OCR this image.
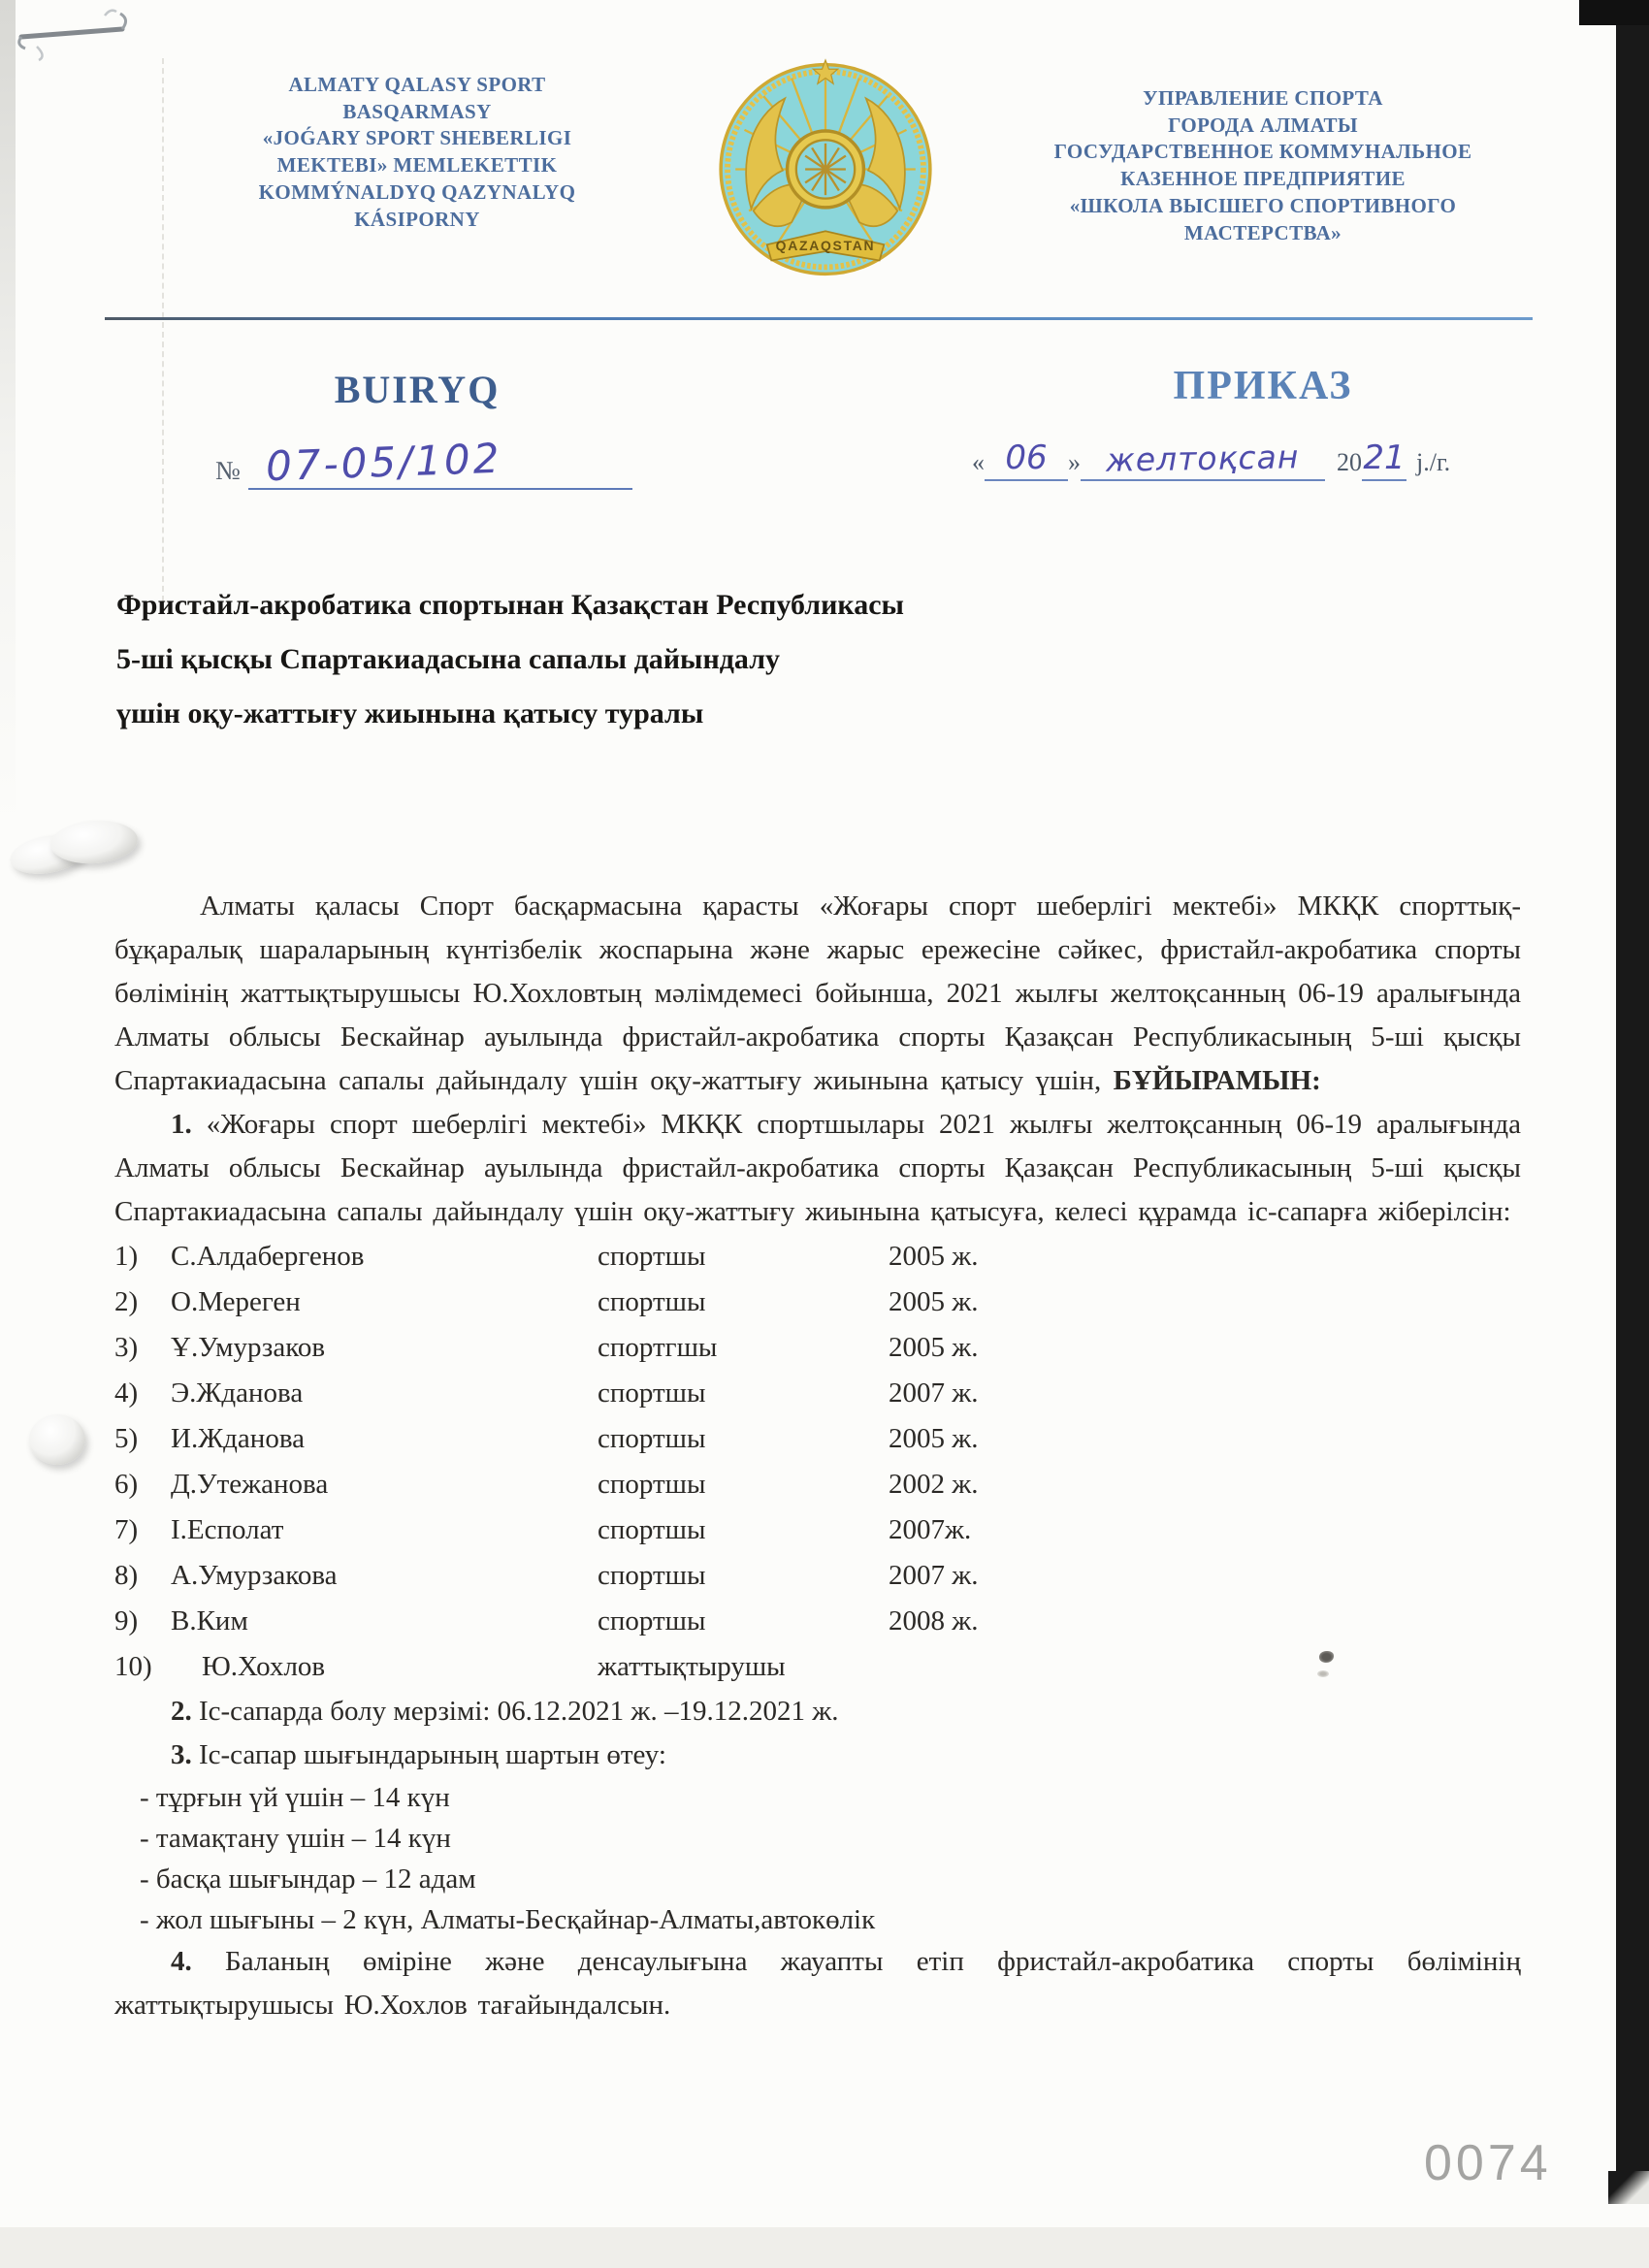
ALMATY QALASY SPORT
BASQARMASY
«JOǴARY SPORT SHEBERLIGI
MEKTEBI» MEMLEKETTIK
KOMMÝNALDYQ QAZYNALYQ
KÁSIPORNY
QAZAQSTAN
УПРАВЛЕНИЕ СПОРТА
ГОРОДА АЛМАТЫ
ГОСУДАРСТВЕННОЕ КОММУНАЛЬНОЕ
КАЗЕННОЕ ПРЕДПРИЯТИЕ
«ШКОЛА ВЫСШЕГО СПОРТИВНОГО
МАСТЕРСТВА»
BUIRYQ	ПРИКАЗ
№ 07-05/102	« 06 » желтоқсан	20 21 j./г.
Фристайл-акробатика спортынан Қазақстан Республикасы
5-ші қысқы Спартакиадасына сапалы дайындалу
үшін оқу-жаттығу жиынына қатысу туралы
Алматы қаласы Спорт басқармасына қарасты «Жоғары спорт шеберлігі мектебі» МКҚК спорттық-бұқаралық шараларының күнтізбелік жоспарына және жарыс ережесіне сәйкес, фристайл-акробатика спорты бөлімінің жаттықтырушысы Ю.Хохловтың мәлімдемесі бойынша, 2021 жылғы желтоқсанның 06-19 аралығында Алматы облысы Бескайнар ауылында фристайл-акробатика спорты Қазақсан Республикасының 5-ші қысқы Спартакиадасына сапалы дайындалу үшін оқу-жаттығу жиынына қатысу үшін, БҰЙЫРАМЫН:
1. «Жоғары спорт шеберлігі мектебі» МКҚК спортшылары 2021 жылғы желтоқсанның 06-19 аралығында Алматы облысы Бескайнар ауылында фристайл-акробатика спорты Қазақсан Республикасының 5-ші қысқы Спартакиадасына сапалы дайындалу үшін оқу-жаттығу жиынына қатысуға, келесі құрамда іс-сапарға жіберілсін:
1)	С.Алдабергенов	спортшы	2005 ж.
2)	О.Мереген	спортшы	2005 ж.
3)	Ұ.Умурзаков	спортгшы	2005 ж.
4)	Э.Жданова	спортшы	2007 ж.
5)	И.Жданова	спортшы	2005 ж.
6)	Д.Утежанова	спортшы	2002 ж.
7)	І.Есполат	спортшы	2007ж.
8)	А.Умурзакова	спортшы	2007 ж.
9)	В.Ким	спортшы	2008 ж.
10)	Ю.Хохлов	жаттықтырушы
2. Іс-сапарда болу мерзімі: 06.12.2021 ж. –19.12.2021 ж.
3. Іс-сапар шығындарының шартын өтеу:
- тұрғын үй үшін – 14 күн
- тамақтану үшін – 14 күн
- басқа шығындар – 12 адам
- жол шығыны – 2 күн, Алматы-Бесқайнар-Алматы,автокөлік
4. Баланың өміріне және денсаулығына жауапты етіп фристайл-акробатика спорты бөлімінің жаттықтырушысы Ю.Хохлов тағайындалсын.
0074
